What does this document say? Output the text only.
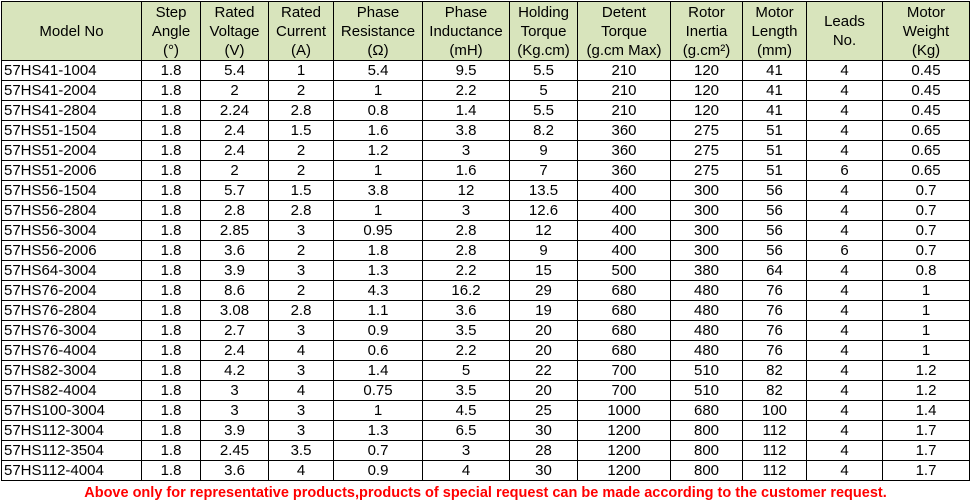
Model No	Step
Angle
(°)	Rated
Voltage
(V)	Rated
Current
(A)	Phase
Resistance
(Ω)	Phase
Inductance
(mH)	Holding
Torque
(Kg.cm)	Detent
Torque
(g.cm Max)	Rotor
Inertia
(g.cm²)	Motor
Length
(mm)	Leads
No.	Motor
Weight
(Kg)

57HS41-1004	1.8	5.4	1	5.4	9.5	5.5	210	120	41	4	0.45
57HS41-2004	1.8	2	2	1	2.2	5	210	120	41	4	0.45
57HS41-2804	1.8	2.24	2.8	0.8	1.4	5.5	210	120	41	4	0.45
57HS51-1504	1.8	2.4	1.5	1.6	3.8	8.2	360	275	51	4	0.65
57HS51-2004	1.8	2.4	2	1.2	3	9	360	275	51	4	0.65
57HS51-2006	1.8	2	2	1	1.6	7	360	275	51	6	0.65
57HS56-1504	1.8	5.7	1.5	3.8	12	13.5	400	300	56	4	0.7
57HS56-2804	1.8	2.8	2.8	1	3	12.6	400	300	56	4	0.7
57HS56-3004	1.8	2.85	3	0.95	2.8	12	400	300	56	4	0.7
57HS56-2006	1.8	3.6	2	1.8	2.8	9	400	300	56	6	0.7
57HS64-3004	1.8	3.9	3	1.3	2.2	15	500	380	64	4	0.8
57HS76-2004	1.8	8.6	2	4.3	16.2	29	680	480	76	4	1
57HS76-2804	1.8	3.08	2.8	1.1	3.6	19	680	480	76	4	1
57HS76-3004	1.8	2.7	3	0.9	3.5	20	680	480	76	4	1
57HS76-4004	1.8	2.4	4	0.6	2.2	20	680	480	76	4	1
57HS82-3004	1.8	4.2	3	1.4	5	22	700	510	82	4	1.2
57HS82-4004	1.8	3	4	0.75	3.5	20	700	510	82	4	1.2
57HS100-3004	1.8	3	3	1	4.5	25	1000	680	100	4	1.4
57HS112-3004	1.8	3.9	3	1.3	6.5	30	1200	800	112	4	1.7
57HS112-3504	1.8	2.45	3.5	0.7	3	28	1200	800	112	4	1.7
57HS112-4004	1.8	3.6	4	0.9	4	30	1200	800	112	4	1.7
Above only for representative products,products of special request can be made according to the customer request.
